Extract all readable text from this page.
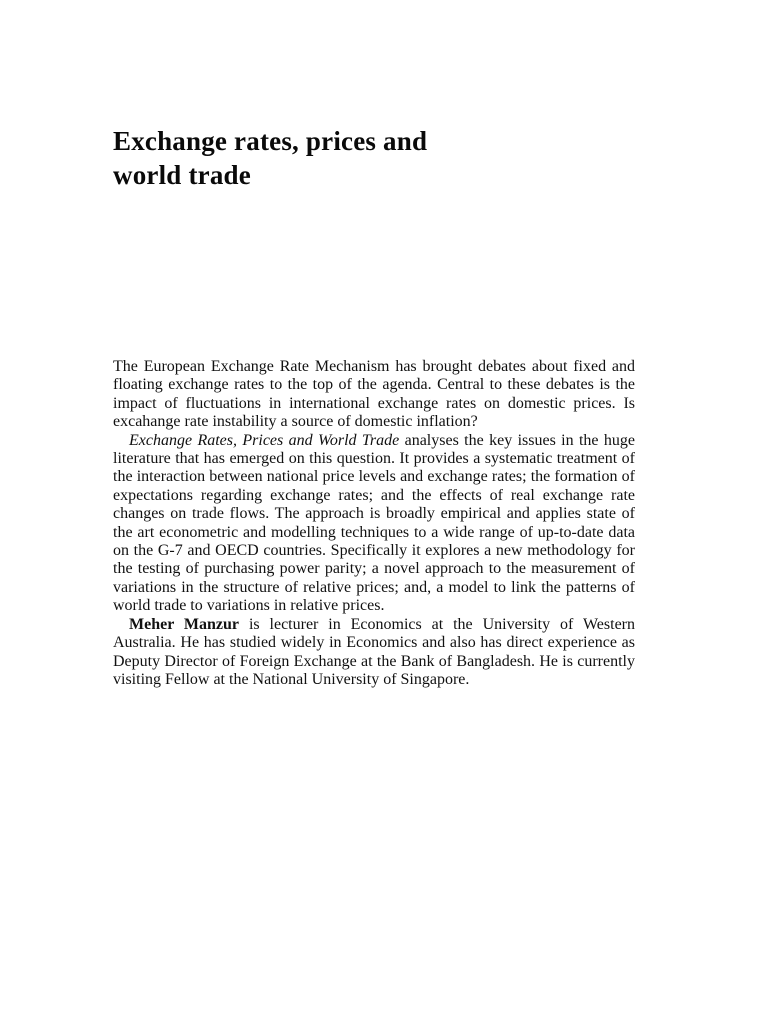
Exchange rates, prices and
world trade

The European Exchange Rate Mechanism has brought debates about fixed and floating exchange rates to the top of the agenda. Central to these debates is the impact of fluctuations in international exchange rates on domestic prices. Is excahange rate instability a source of domestic inflation?

Exchange Rates, Prices and World Trade analyses the key issues in the huge literature that has emerged on this question. It provides a systematic treatment of the interaction between national price levels and exchange rates; the formation of expectations regarding exchange rates; and the effects of real exchange rate changes on trade flows. The approach is broadly empirical and applies state of the art econometric and modelling techniques to a wide range of up-to-date data on the G-7 and OECD countries. Specifically it explores a new methodology for the testing of purchasing power parity; a novel approach to the measurement of variations in the structure of relative prices; and, a model to link the patterns of world trade to variations in relative prices.

Meher Manzur is lecturer in Economics at the University of Western Australia. He has studied widely in Economics and also has direct experience as Deputy Director of Foreign Exchange at the Bank of Bangladesh. He is currently visiting Fellow at the National University of Singapore.
